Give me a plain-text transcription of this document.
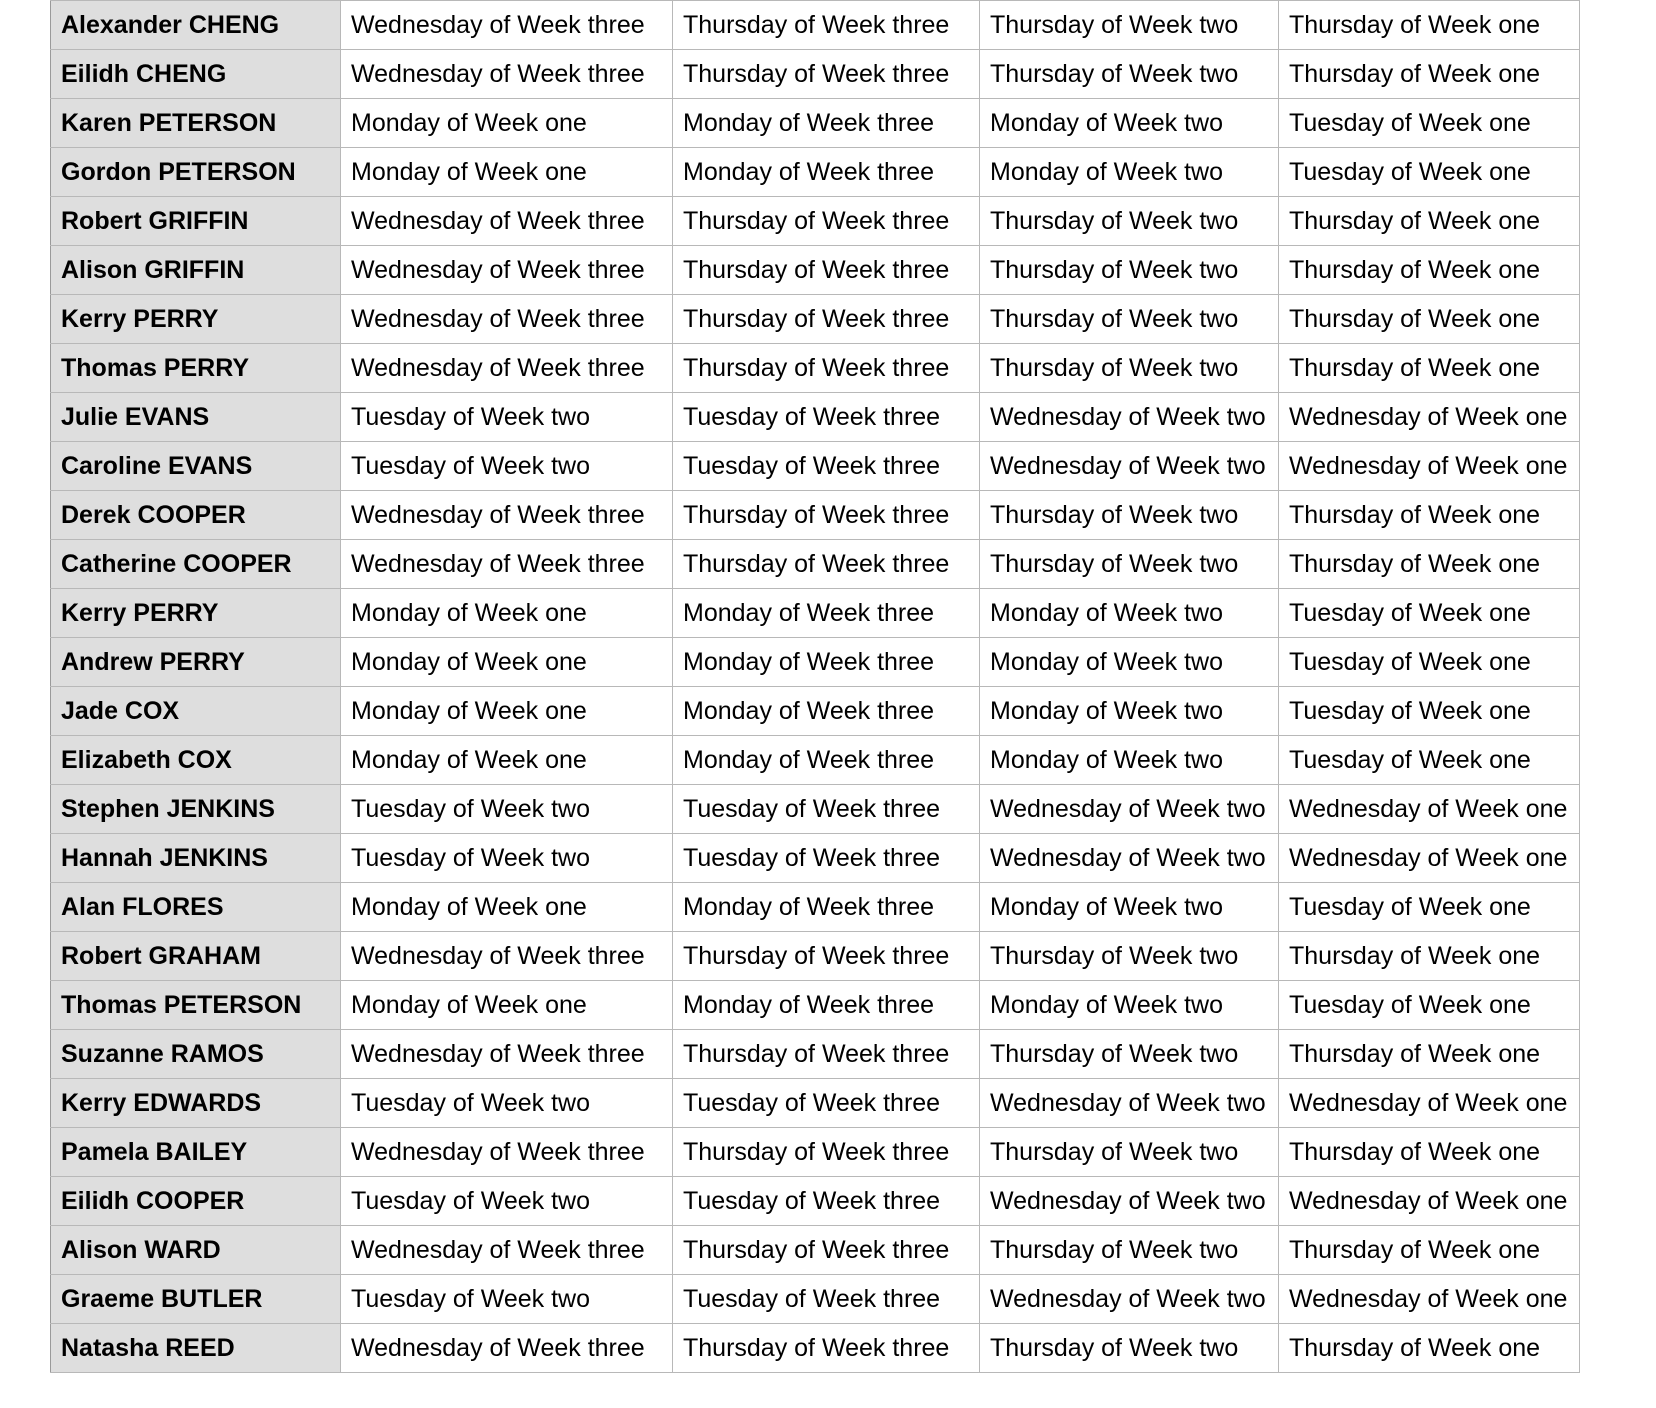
Alexander CHENG	Wednesday of Week three	Thursday of Week three	Thursday of Week two	Thursday of Week one
Eilidh CHENG	Wednesday of Week three	Thursday of Week three	Thursday of Week two	Thursday of Week one
Karen PETERSON	Monday of Week one	Monday of Week three	Monday of Week two	Tuesday of Week one
Gordon PETERSON	Monday of Week one	Monday of Week three	Monday of Week two	Tuesday of Week one
Robert GRIFFIN	Wednesday of Week three	Thursday of Week three	Thursday of Week two	Thursday of Week one
Alison GRIFFIN	Wednesday of Week three	Thursday of Week three	Thursday of Week two	Thursday of Week one
Kerry PERRY	Wednesday of Week three	Thursday of Week three	Thursday of Week two	Thursday of Week one
Thomas PERRY	Wednesday of Week three	Thursday of Week three	Thursday of Week two	Thursday of Week one
Julie EVANS	Tuesday of Week two	Tuesday of Week three	Wednesday of Week two	Wednesday of Week one
Caroline EVANS	Tuesday of Week two	Tuesday of Week three	Wednesday of Week two	Wednesday of Week one
Derek COOPER	Wednesday of Week three	Thursday of Week three	Thursday of Week two	Thursday of Week one
Catherine COOPER	Wednesday of Week three	Thursday of Week three	Thursday of Week two	Thursday of Week one
Kerry PERRY	Monday of Week one	Monday of Week three	Monday of Week two	Tuesday of Week one
Andrew PERRY	Monday of Week one	Monday of Week three	Monday of Week two	Tuesday of Week one
Jade COX	Monday of Week one	Monday of Week three	Monday of Week two	Tuesday of Week one
Elizabeth COX	Monday of Week one	Monday of Week three	Monday of Week two	Tuesday of Week one
Stephen JENKINS	Tuesday of Week two	Tuesday of Week three	Wednesday of Week two	Wednesday of Week one
Hannah JENKINS	Tuesday of Week two	Tuesday of Week three	Wednesday of Week two	Wednesday of Week one
Alan FLORES	Monday of Week one	Monday of Week three	Monday of Week two	Tuesday of Week one
Robert GRAHAM	Wednesday of Week three	Thursday of Week three	Thursday of Week two	Thursday of Week one
Thomas PETERSON	Monday of Week one	Monday of Week three	Monday of Week two	Tuesday of Week one
Suzanne RAMOS	Wednesday of Week three	Thursday of Week three	Thursday of Week two	Thursday of Week one
Kerry EDWARDS	Tuesday of Week two	Tuesday of Week three	Wednesday of Week two	Wednesday of Week one
Pamela BAILEY	Wednesday of Week three	Thursday of Week three	Thursday of Week two	Thursday of Week one
Eilidh COOPER	Tuesday of Week two	Tuesday of Week three	Wednesday of Week two	Wednesday of Week one
Alison WARD	Wednesday of Week three	Thursday of Week three	Thursday of Week two	Thursday of Week one
Graeme BUTLER	Tuesday of Week two	Tuesday of Week three	Wednesday of Week two	Wednesday of Week one
Natasha REED	Wednesday of Week three	Thursday of Week three	Thursday of Week two	Thursday of Week one
